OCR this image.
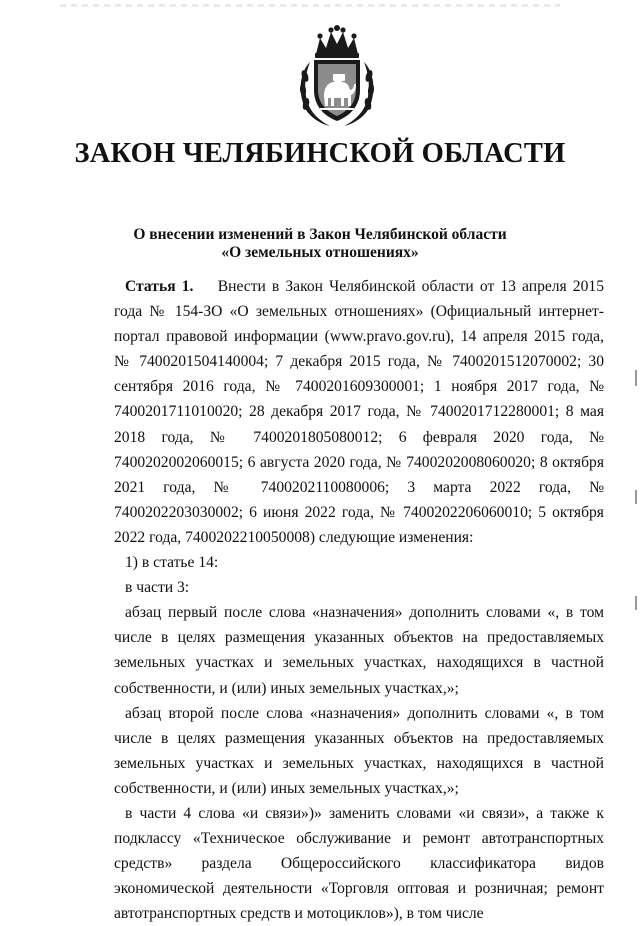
ЗАКОН ЧЕЛЯБИНСКОЙ ОБЛАСТИ
О внесении изменений в Закон Челябинской области
«О земельных отношениях»

Статья 1. Внести в Закон Челябинской области от 13 апреля 2015 года № 154-ЗО «О земельных отношениях» (Официальный интернет-портал правовой информации (www.pravo.gov.ru), 14 апреля 2015 года, № 7400201504140004; 7 декабря 2015 года, № 7400201512070002; 30 сентября 2016 года, № 7400201609300001; 1 ноября 2017 года, № 7400201711010020; 28 декабря 2017 года, № 7400201712280001; 8 мая 2018 года, № 7400201805080012; 6 февраля 2020 года, № 7400202002060015; 6 августа 2020 года, № 7400202008060020; 8 октября 2021 года, № 7400202110080006; 3 марта 2022 года, № 7400202203030002; 6 июня 2022 года, № 7400202206060010; 5 октября 2022 года, 7400202210050008) следующие изменения:

1) в статье 14:

в части 3:

абзац первый после слова «назначения» дополнить словами «, в том числе в целях размещения указанных объектов на предоставляемых земельных участках и земельных участках, находящихся в частной собственности, и (или) иных земельных участках,»;

абзац второй после слова «назначения» дополнить словами «, в том числе в целях размещения указанных объектов на предоставляемых земельных участках и земельных участках, находящихся в частной собственности, и (или) иных земельных участках,»;

в части 4 слова «и связи»)» заменить словами «и связи», а также к подклассу «Техническое обслуживание и ремонт автотранспортных средств» раздела Общероссийского классификатора видов экономической деятельности «Торговля оптовая и розничная; ремонт автотранспортных средств и мотоциклов»), в том числе
